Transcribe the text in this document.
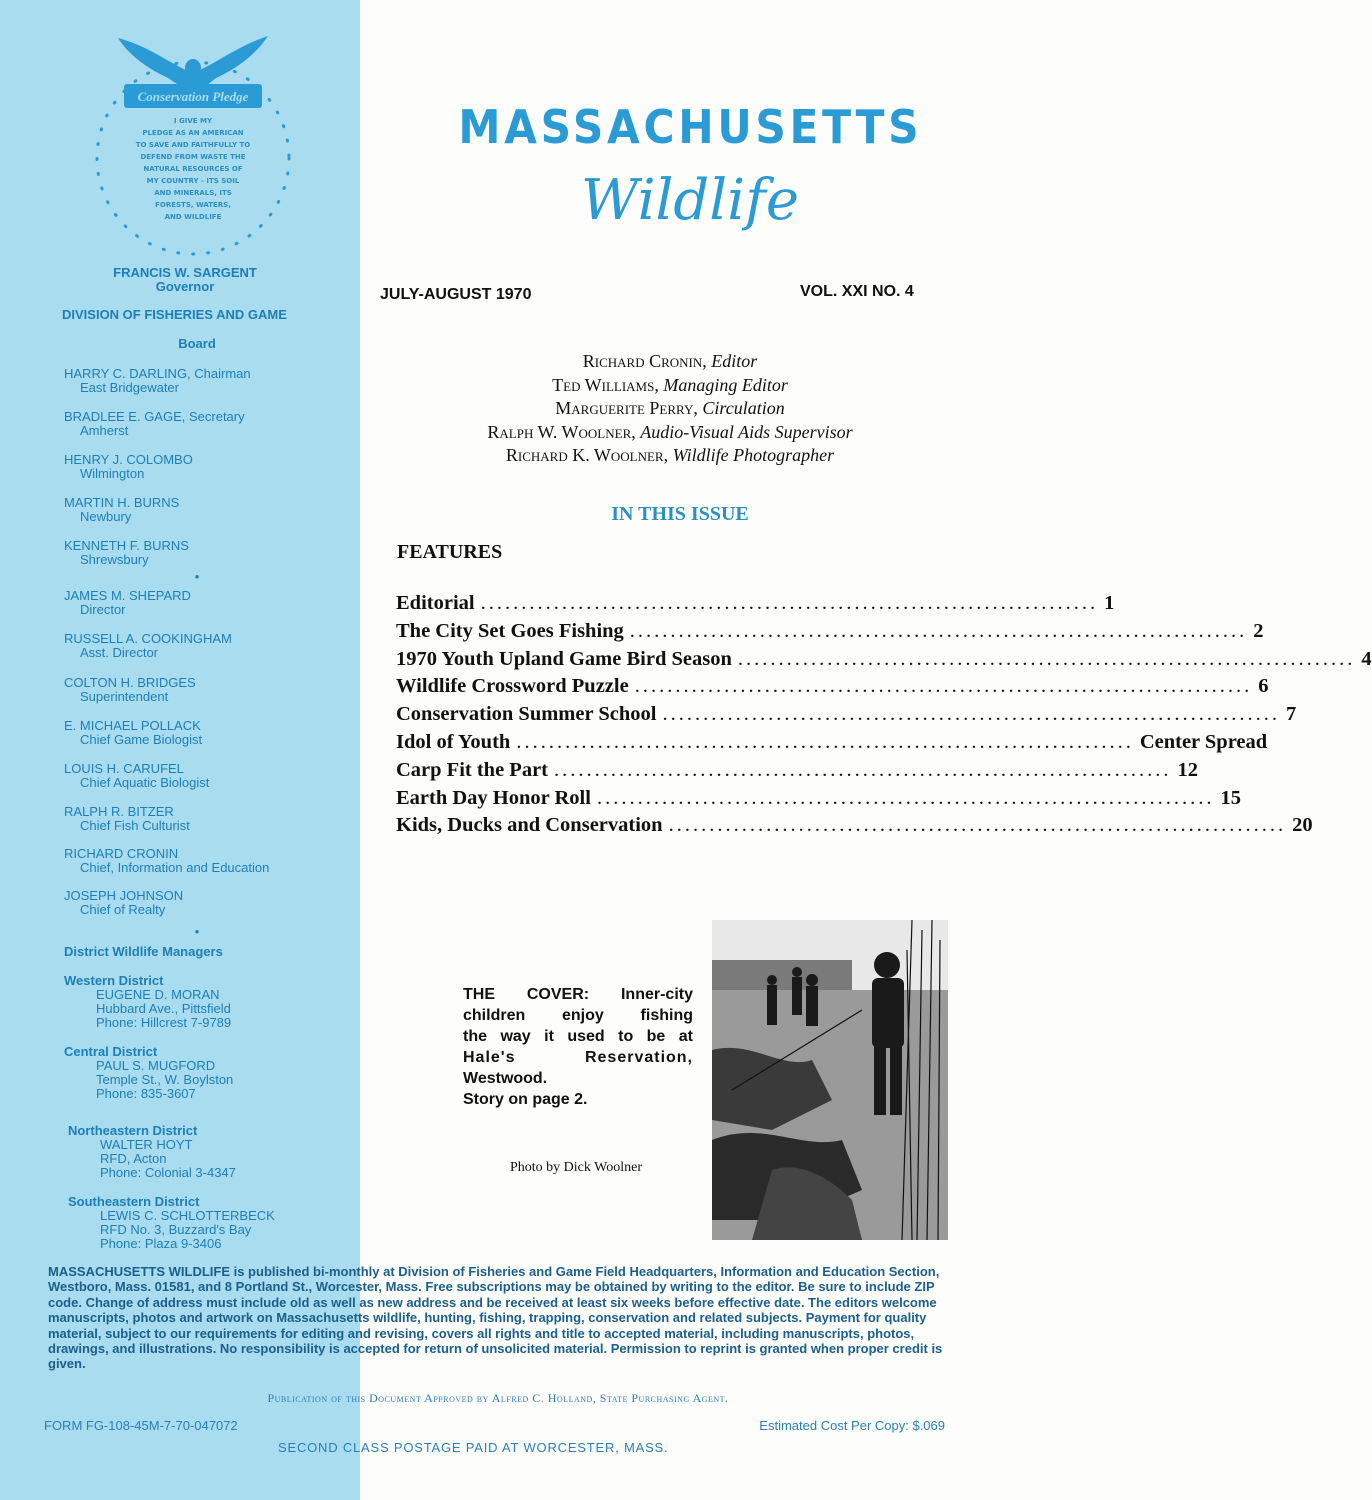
Conservation Pledge
I GIVE MY
PLEDGE AS AN AMERICAN
TO SAVE AND FAITHFULLY TO
DEFEND FROM WASTE THE
NATURAL RESOURCES OF
MY COUNTRY - ITS SOIL
AND MINERALS, ITS
FORESTS, WATERS,
AND WILDLIFE
FRANCIS W. SARGENT
Governor
DIVISION OF FISHERIES AND GAME
Board
HARRY C. DARLING, Chairman
East Bridgewater
BRADLEE E. GAGE, Secretary
Amherst
HENRY J. COLOMBO
Wilmington
MARTIN H. BURNS
Newbury
KENNETH F. BURNS
Shrewsbury
•
JAMES M. SHEPARD
Director
RUSSELL A. COOKINGHAM
Asst. Director
COLTON H. BRIDGES
Superintendent
E. MICHAEL POLLACK
Chief Game Biologist
LOUIS H. CARUFEL
Chief Aquatic Biologist
RALPH R. BITZER
Chief Fish Culturist
RICHARD CRONIN
Chief, Information and Education
JOSEPH JOHNSON
Chief of Realty
•
District Wildlife Managers
Western District
EUGENE D. MORAN
Hubbard Ave., Pittsfield
Phone: Hillcrest 7-9789
Central District
PAUL S. MUGFORD
Temple St., W. Boylston
Phone: 835-3607
Northeastern District
WALTER HOYT
RFD, Acton
Phone: Colonial 3-4347
Southeastern District
LEWIS C. SCHLOTTERBECK
RFD No. 3, Buzzard's Bay
Phone: Plaza 9-3406
MASSACHUSETTS
Wildlife
JULY-AUGUST 1970	VOL. XXI NO. 4
Richard Cronin, Editor
Ted Williams, Managing Editor
Marguerite Perry, Circulation
Ralph W. Woolner, Audio-Visual Aids Supervisor
Richard K. Woolner, Wildlife Photographer
IN THIS ISSUE
FEATURES
Editorial ............................................................................ 1
The City Set Goes Fishing ............................................................................ 2
1970 Youth Upland Game Bird Season ............................................................................ 4
Wildlife Crossword Puzzle ............................................................................ 6
Conservation Summer School ............................................................................ 7
Idol of Youth ............................................................................ Center Spread
Carp Fit the Part ............................................................................ 12
Earth Day Honor Roll ............................................................................ 15
Kids, Ducks and Conservation ............................................................................ 20
THE COVER: Inner-city
children enjoy fishing
the way it used to be at
Hale's Reservation,
Westwood.
Story on page 2.
Photo by Dick Woolner
MASSACHUSETTS WILDLIFE is published bi-monthly at Division of Fisheries and Game Field Headquarters, Information and Education Section, Westboro, Mass. 01581, and 8 Portland St., Worcester, Mass. Free subscriptions may be obtained by writing to the editor. Be sure to include ZIP code. Change of address must include old as well as new address and be received at least six weeks before effective date. The editors welcome manuscripts, photos and artwork on Massachusetts wildlife, hunting, fishing, trapping, conservation and related subjects. Payment for quality material, subject to our requirements for editing and revising, covers all rights and title to accepted material, including manuscripts, photos, drawings, and illustrations. No responsibility is accepted for return of unsolicited material. Permission to reprint is granted when proper credit is given.
Publication of this Document Approved by Alfred C. Holland, State Purchasing Agent.
FORM FG-108-45M-7-70-047072	Estimated Cost Per Copy: $.069
SECOND CLASS POSTAGE PAID AT WORCESTER, MASS.
